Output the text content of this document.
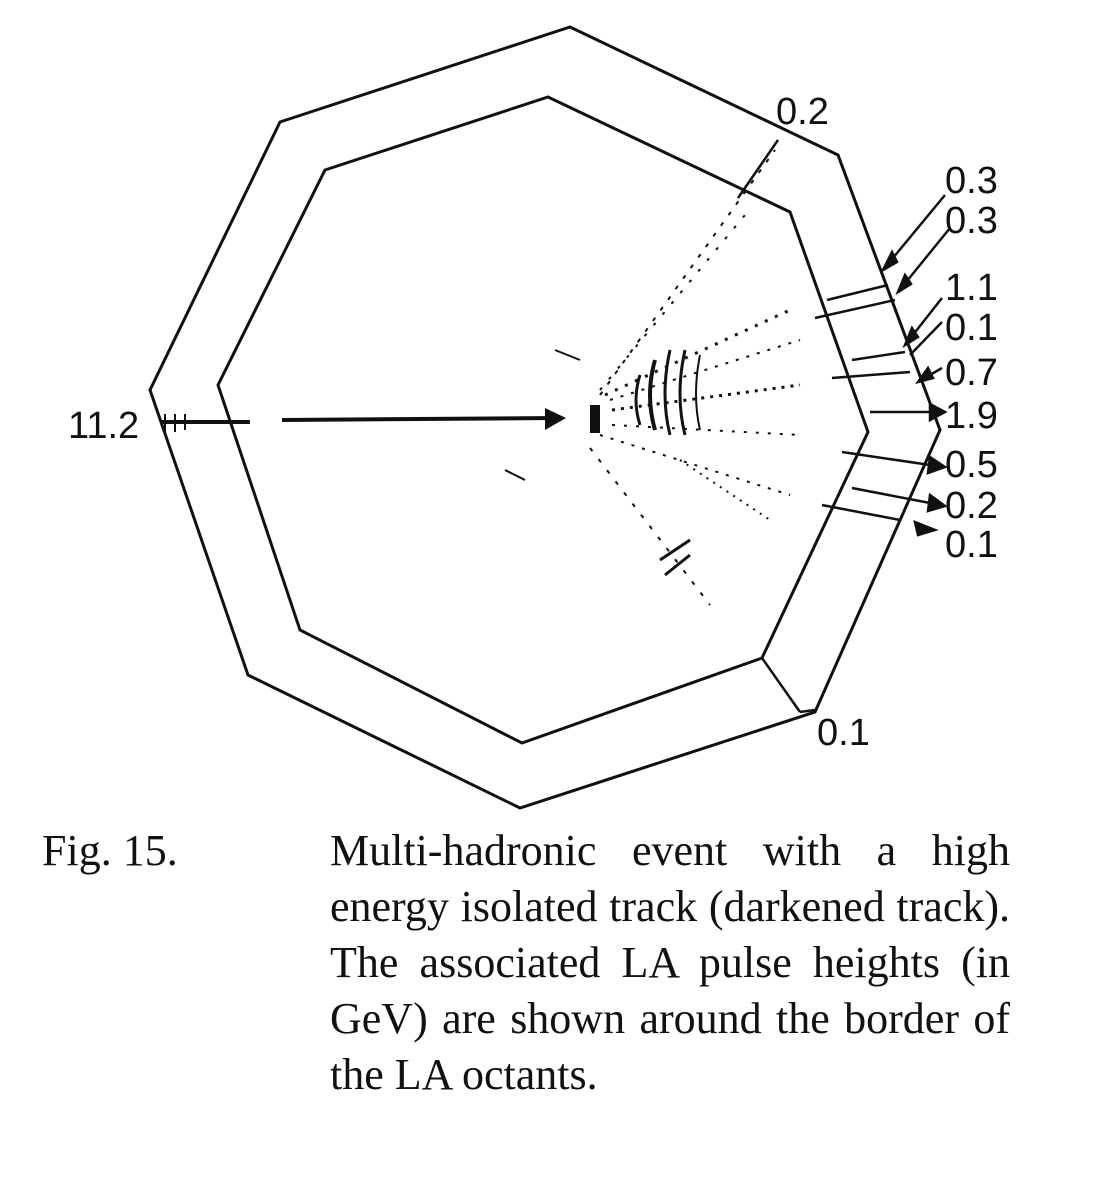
11.2
0.2
0.3
0.3
1.1
0.1
0.7
1.9
0.5
0.2
0.1
0.1
Fig. 15.	Multi-hadronic event with a high energy isolated track (darkened track). The associated LA pulse heights (in GeV) are shown around the border of the LA octants.
